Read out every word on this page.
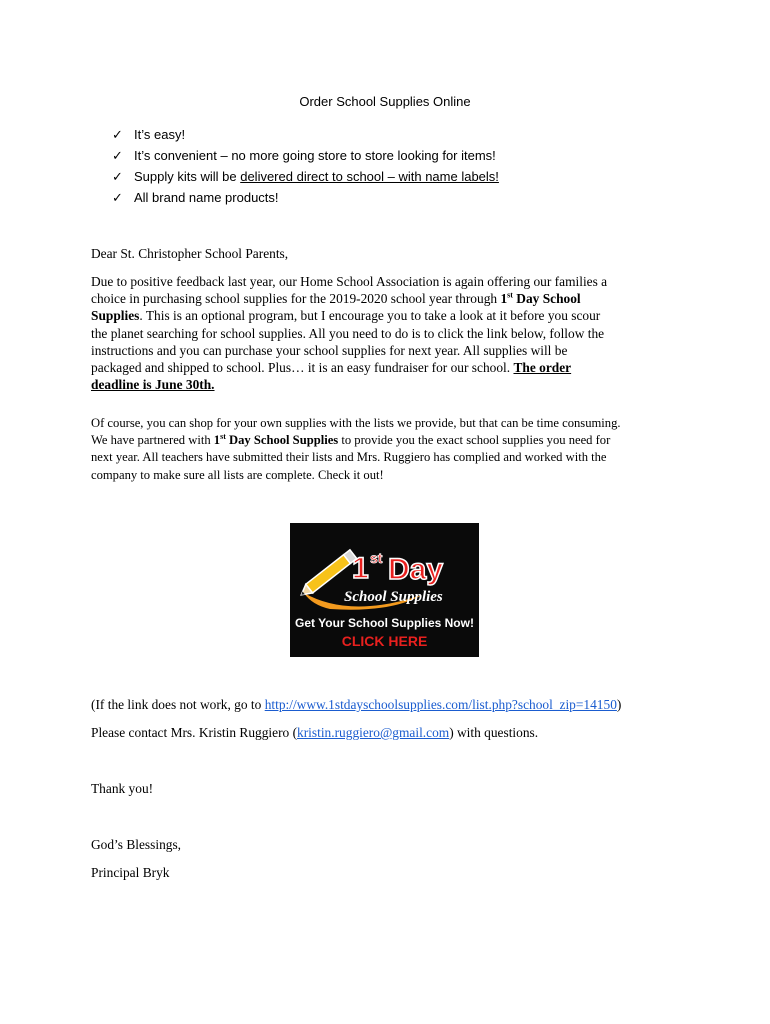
Order School Supplies Online
✓ It’s easy!
✓ It’s convenient – no more going store to store looking for items!
✓ Supply kits will be delivered direct to school – with name labels!
✓ All brand name products!
Dear St. Christopher School Parents,
Due to positive feedback last year, our Home School Association is again offering our families a
choice in purchasing school supplies for the 2019-2020 school year through 1st Day School
Supplies. This is an optional program, but I encourage you to take a look at it before you scour
the planet searching for school supplies. All you need to do is to click the link below, follow the
instructions and you can purchase your school supplies for next year. All supplies will be
packaged and shipped to school. Plus… it is an easy fundraiser for our school. The order
deadline is June 30th.
Of course, you can shop for your own supplies with the lists we provide, but that can be time consuming.
We have partnered with 1st Day School Supplies to provide you the exact school supplies you need for
next year. All teachers have submitted their lists and Mrs. Ruggiero has complied and worked with the
company to make sure all lists are complete. Check it out!
1 st Day
School Supplies
Get Your School Supplies Now!
CLICK HERE
(If the link does not work, go to http://www.1stdayschoolsupplies.com/list.php?school_zip=14150)
Please contact Mrs. Kristin Ruggiero (kristin.ruggiero@gmail.com) with questions.
Thank you!
God’s Blessings,
Principal Bryk
